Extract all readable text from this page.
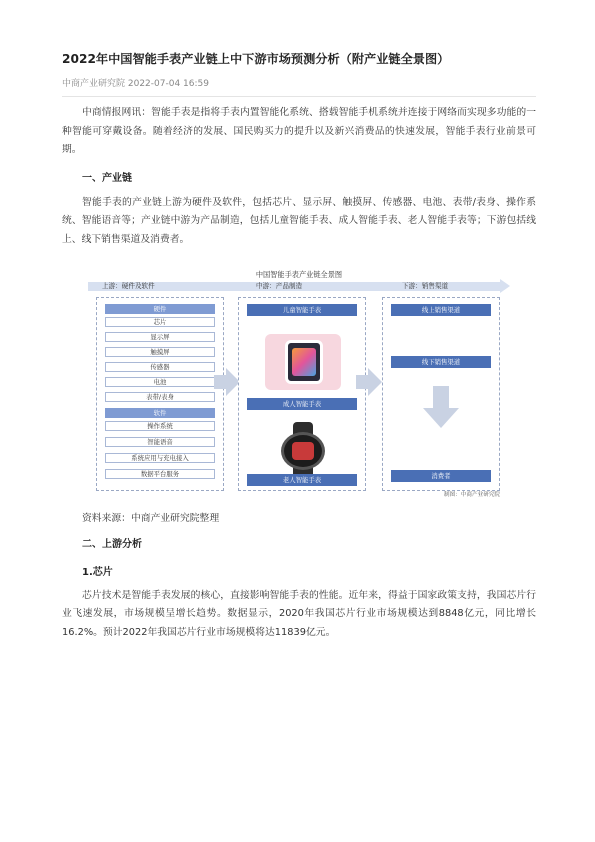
2022年中国智能手表产业链上中下游市场预测分析（附产业链全景图）
中商产业研究院 2022-07-04 16:59

中商情报网讯：智能手表是指将手表内置智能化系统、搭载智能手机系统并连接于网络而实现多功能的一种智能可穿戴设备。随着经济的发展、国民购买力的提升以及新兴消费品的快速发展，智能手表行业前景可期。

一、产业链

智能手表的产业链上游为硬件及软件，包括芯片、显示屏、触摸屏、传感器、电池、表带/表身、操作系统、智能语音等；产业链中游为产品制造，包括儿童智能手表、成人智能手表、老人智能手表等；下游包括线上、线下销售渠道及消费者。

中国智能手表产业链全景图
上游：硬件及软件	中游：产品制造	下游：销售渠道
硬件
芯片
显示屏
触摸屏
传感器
电池
表带/表身
软件
操作系统
智能语音
系统应用与充电接入
数据平台服务
儿童智能手表
成人智能手表
老人智能手表
线上销售渠道
线下销售渠道
消费者
制图：中商产业研究院
资料来源：中商产业研究院整理
二、上游分析
1.芯片

芯片技术是智能手表发展的核心，直接影响智能手表的性能。近年来，得益于国家政策支持，我国芯片行业飞速发展，市场规模呈增长趋势。数据显示，2020年我国芯片行业市场规模达到8848亿元，同比增长16.2%。预计2022年我国芯片行业市场规模将达11839亿元。
